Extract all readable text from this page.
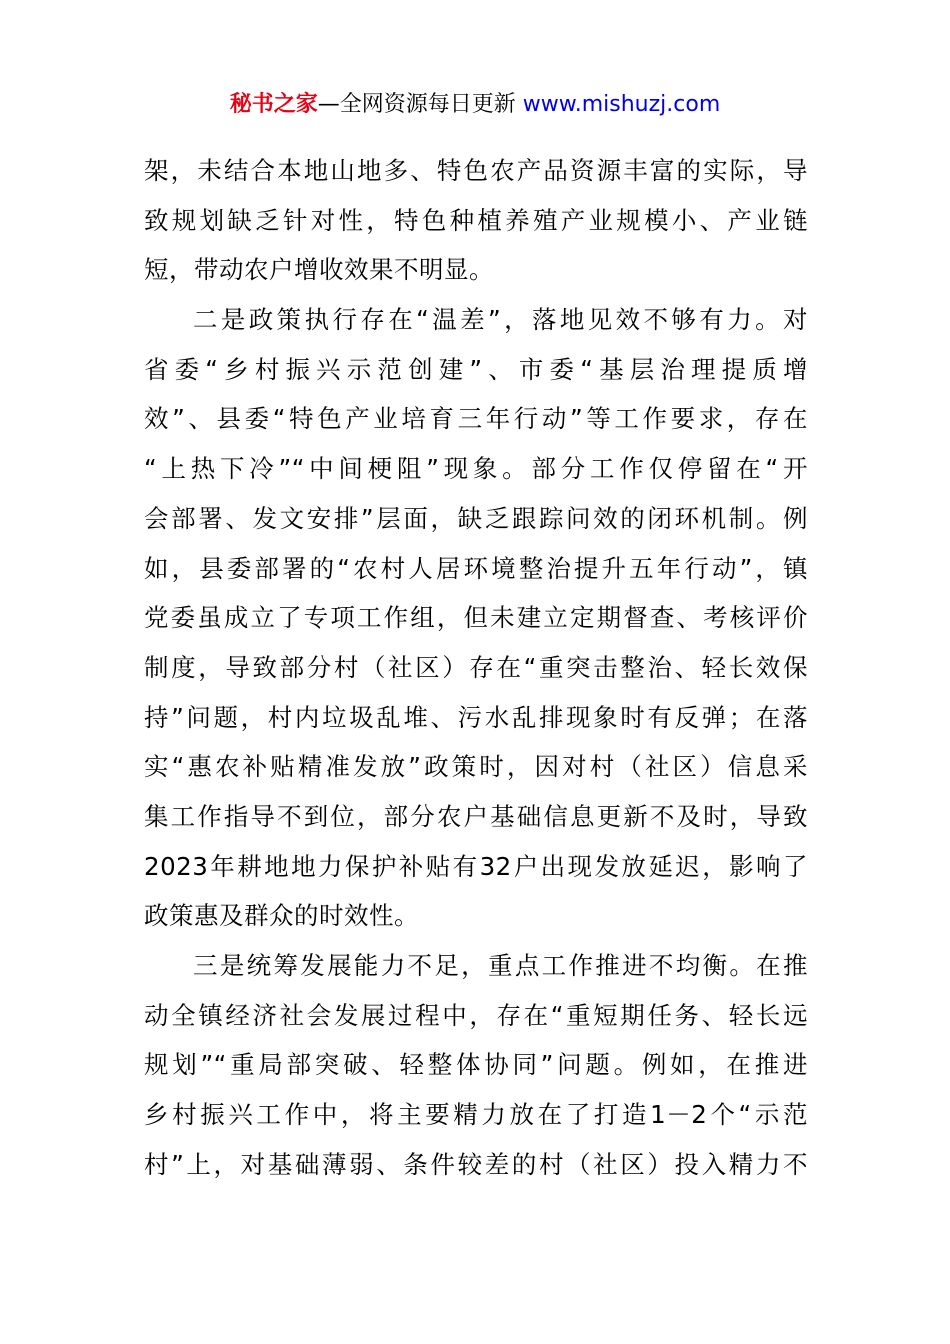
秘书之家—全网资源每日更新 www.mishuzj.com
架，未结合本地山地多、特色农产品资源丰富的实际，导
致规划缺乏针对性，特色种植养殖产业规模小、产业链
短，带动农户增收效果不明显。
二是政策执行存在“温差”，落地见效不够有力。对
省委“乡村振兴示范创建”、市委“基层治理提质增
效”、县委“特色产业培育三年行动”等工作要求，存在
“上热下冷”“中间梗阻”现象。部分工作仅停留在“开
会部署、发文安排”层面，缺乏跟踪问效的闭环机制。例
如，县委部署的“农村人居环境整治提升五年行动”，镇
党委虽成立了专项工作组，但未建立定期督查、考核评价
制度，导致部分村（社区）存在“重突击整治、轻长效保
持”问题，村内垃圾乱堆、污水乱排现象时有反弹；在落
实“惠农补贴精准发放”政策时，因对村（社区）信息采
集工作指导不到位，部分农户基础信息更新不及时，导致
2023年耕地地力保护补贴有32户出现发放延迟，影响了
政策惠及群众的时效性。
三是统筹发展能力不足，重点工作推进不均衡。在推
动全镇经济社会发展过程中，存在“重短期任务、轻长远
规划”“重局部突破、轻整体协同”问题。例如，在推进
乡村振兴工作中，将主要精力放在了打造1－2个“示范
村”上，对基础薄弱、条件较差的村（社区）投入精力不
